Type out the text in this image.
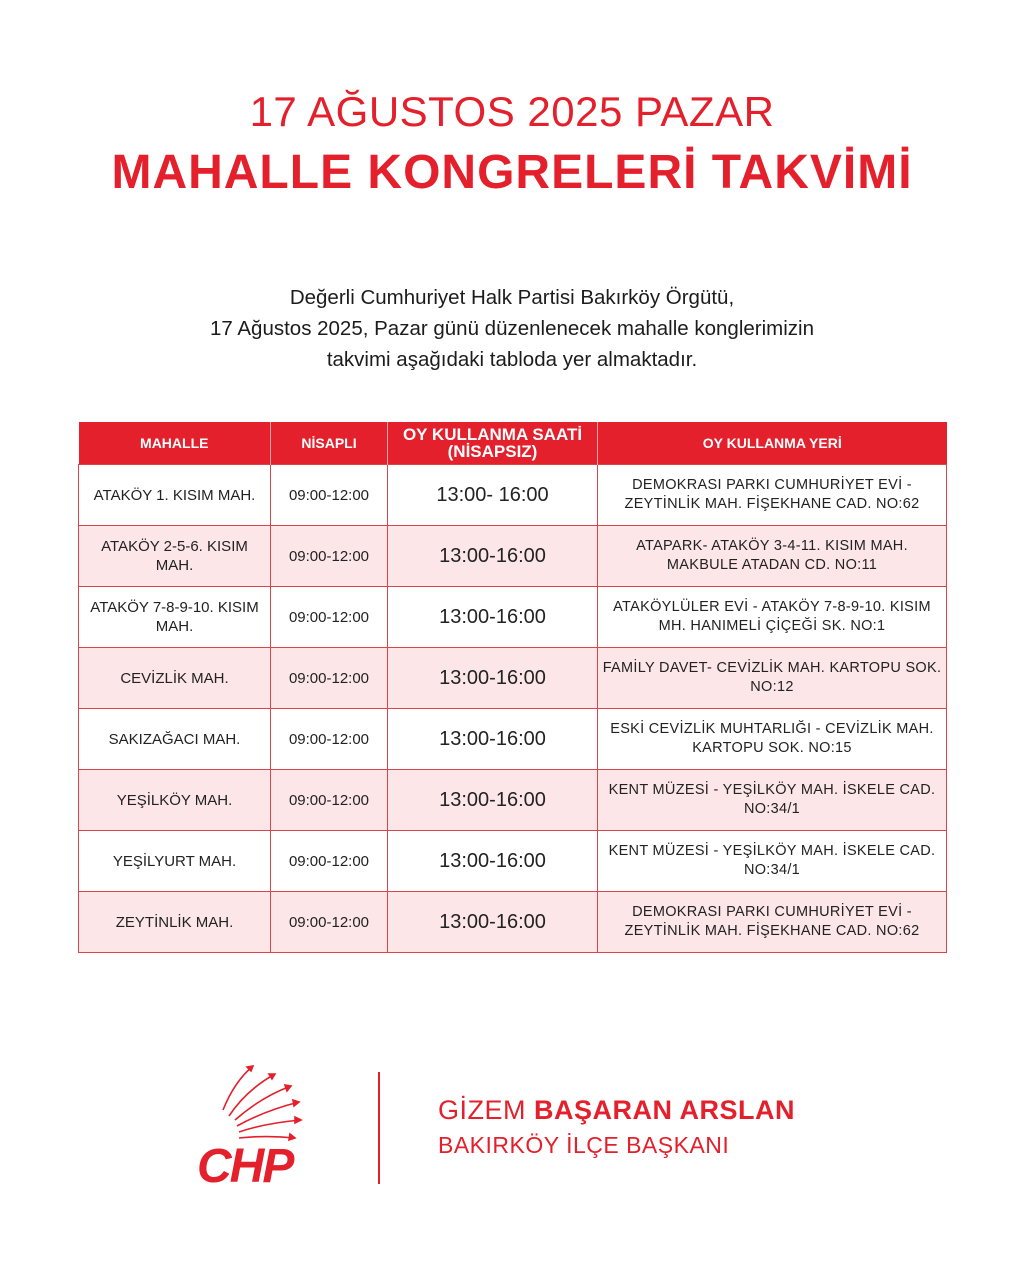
17 AĞUSTOS 2025 PAZAR
MAHALLE KONGRELERİ TAKVİMİ
Değerli Cumhuriyet Halk Partisi Bakırköy Örgütü,
17 Ağustos 2025, Pazar günü düzenlenecek mahalle konglerimizin
takvimi aşağıdaki tabloda yer almaktadır.
MAHALLE	NİSAPLI	OY KULLANMA SAATİ (NİSAPSIZ)	OY KULLANMA YERİ
ATAKÖY 1. KISIM MAH.	09:00-12:00	13:00- 16:00	DEMOKRASI PARKI CUMHURİYET EVİ - ZEYTİNLİK MAH. FİŞEKHANE CAD. NO:62
ATAKÖY 2-5-6. KISIM MAH.	09:00-12:00	13:00-16:00	ATAPARK- ATAKÖY 3-4-11. KISIM MAH. MAKBULE ATADAN CD. NO:11
ATAKÖY 7-8-9-10. KISIM MAH.	09:00-12:00	13:00-16:00	ATAKÖYLÜLER EVİ - ATAKÖY 7-8-9-10. KISIM MH. HANIMELİ ÇİÇEĞİ SK. NO:1
CEVİZLİK MAH.	09:00-12:00	13:00-16:00	FAMİLY DAVET- CEVİZLİK MAH. KARTOPU SOK. NO:12
SAKIZAĞACI MAH.	09:00-12:00	13:00-16:00	ESKİ CEVİZLİK MUHTARLIĞI - CEVİZLİK MAH. KARTOPU SOK. NO:15
YEŞİLKÖY MAH.	09:00-12:00	13:00-16:00	KENT MÜZESİ - YEŞİLKÖY MAH. İSKELE CAD. NO:34/1
YEŞİLYURT MAH.	09:00-12:00	13:00-16:00	KENT MÜZESİ - YEŞİLKÖY MAH. İSKELE CAD. NO:34/1
ZEYTİNLİK MAH.	09:00-12:00	13:00-16:00	DEMOKRASI PARKI CUMHURİYET EVİ - ZEYTİNLİK MAH. FİŞEKHANE CAD. NO:62
CHP
GİZEM BAŞARAN ARSLAN
BAKIRKÖY İLÇE BAŞKANI
